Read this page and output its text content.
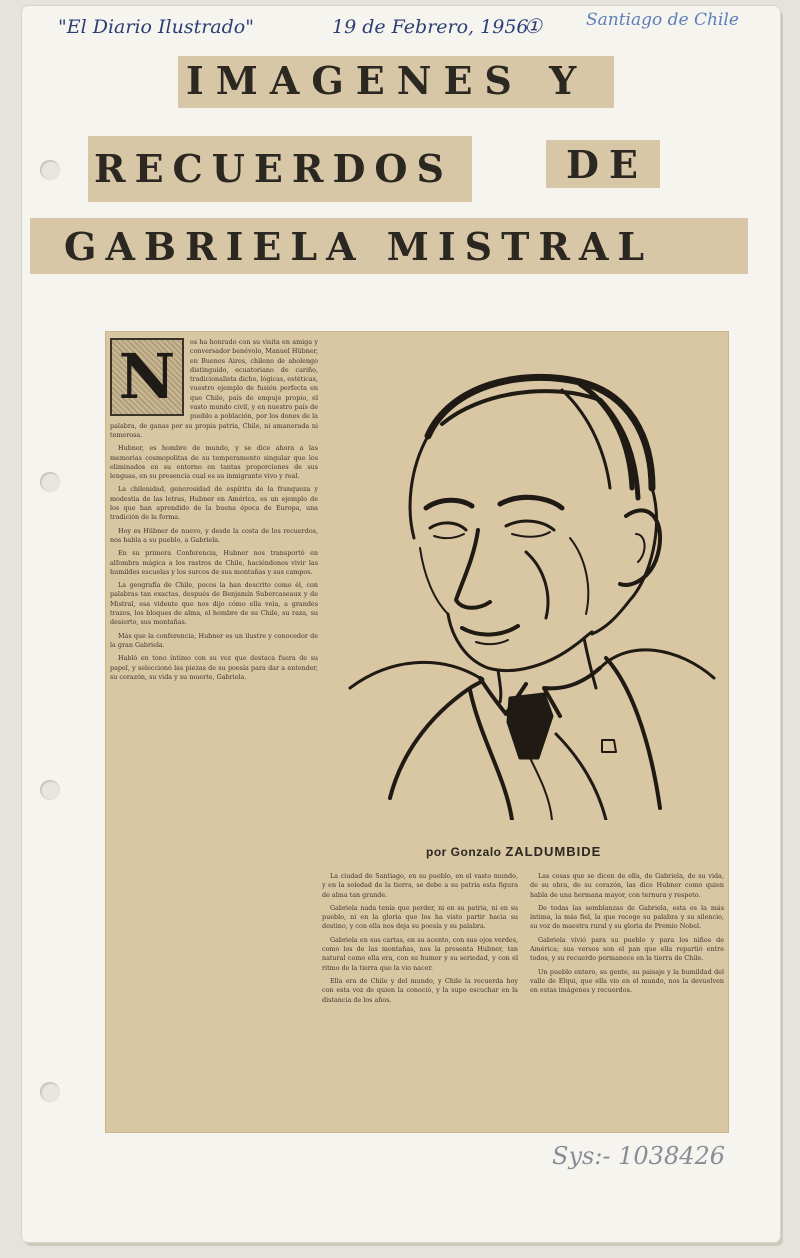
"El Diario Ilustrado"	19 de Febrero, 1956
①	Santiago de Chile
IMAGENES Y
RECUERDOS	DE
GABRIELA MISTRAL
N	os ha honrado con su visita en amiga y conversador benévolo, Manuel Hübner, en Buenos Aires, chileno de abolengo distinguido, ecuatoriano de cariño, tradicionalista dicho, lógicas, estéticas, vuestro ejemplo de fusión perfecta en que Chile, país de empuje propio, el vasto mundo civil, y en nuestro país de pueblo a población, por los dones de la palabra, de ganas por su propia patria, Chile, ni amanerada ni temerosa.

Hubner, es hombre de mundo, y se dice ahora a las memorias cosmopolitas de su temperamento singular que los eliminados en su entorno en tantas proporciones de sus lenguas, en su presencia cual es su inmigrante vivo y real.

La chilenidad, generosidad de espíritu de la franqueza y modestia de las letras, Hubner en América, es un ejemplo de los que han aprendido de la buena época de Europa, una tradición de la forma.

Hoy es Hübner de nuevo, y desde la costa de los recuerdos, nos habla a su pueblo, a Gabriela.

En su primera Conferencia, Hubner nos transportó en alfombra mágica a los rastros de Chile, haciéndonos vivir las humildes escuelas y los surcos de sus montañas y sus campos.

La geografía de Chile, pocos la han descrito como él, con palabras tan exactas, después de Benjamín Subercaseaux y de Mistral, esa vidente que nos dijo cómo ella veía, a grandes trazos, los bloques de alma, el hombre de su Chile, su raza, su desierto, sus montañas.

Más que la conferencia, Hubner es un ilustre y conocedor de la gran Gabriela.

Habló en tono íntimo con su voz que destaca fuera de su papel, y seleccionó las piezas de su poesía para dar a entender, su corazón, su vida y su muerte, Gabriela.

por Gonzalo ZALDUMBIDE

La ciudad de Santiago, en su pueblo, en el vasto mundo, y en la soledad de la tierra, se debe a su patria esta figura de alma tan grande.

Gabriela nada tenía que perder, ni en su patria, ni en su pueblo, ni en la gloria que los ha visto partir hacia su destino, y con ella nos deja su poesía y su palabra.

Gabriela en sus cartas, en su acento, con sus ojos verdes, como los de las montañas, nos la presenta Hubner, tan natural como ella era, con su humor y su seriedad, y con el ritmo de la tierra que la vio nacer.

Ella era de Chile y del mundo, y Chile la recuerda hoy con esta voz de quien la conoció, y la supo escuchar en la distancia de los años.

Las cosas que se dicen de ella, de Gabriela, de su vida, de su obra, de su corazón, las dice Hubner como quien habla de una hermana mayor, con ternura y respeto.

De todas las semblanzas de Gabriela, esta es la más íntima, la más fiel, la que recoge su palabra y su silencio, su voz de maestra rural y su gloria de Premio Nobel.

Gabriela vivió para su pueblo y para los niños de América; sus versos son el pan que ella repartió entre todos, y su recuerdo permanece en la tierra de Chile.

Un pueblo entero, su gente, su paisaje y la humildad del valle de Elqui, que ella vio en el mundo, nos la devuelven en estas imágenes y recuerdos.

Sys:- 1038426
